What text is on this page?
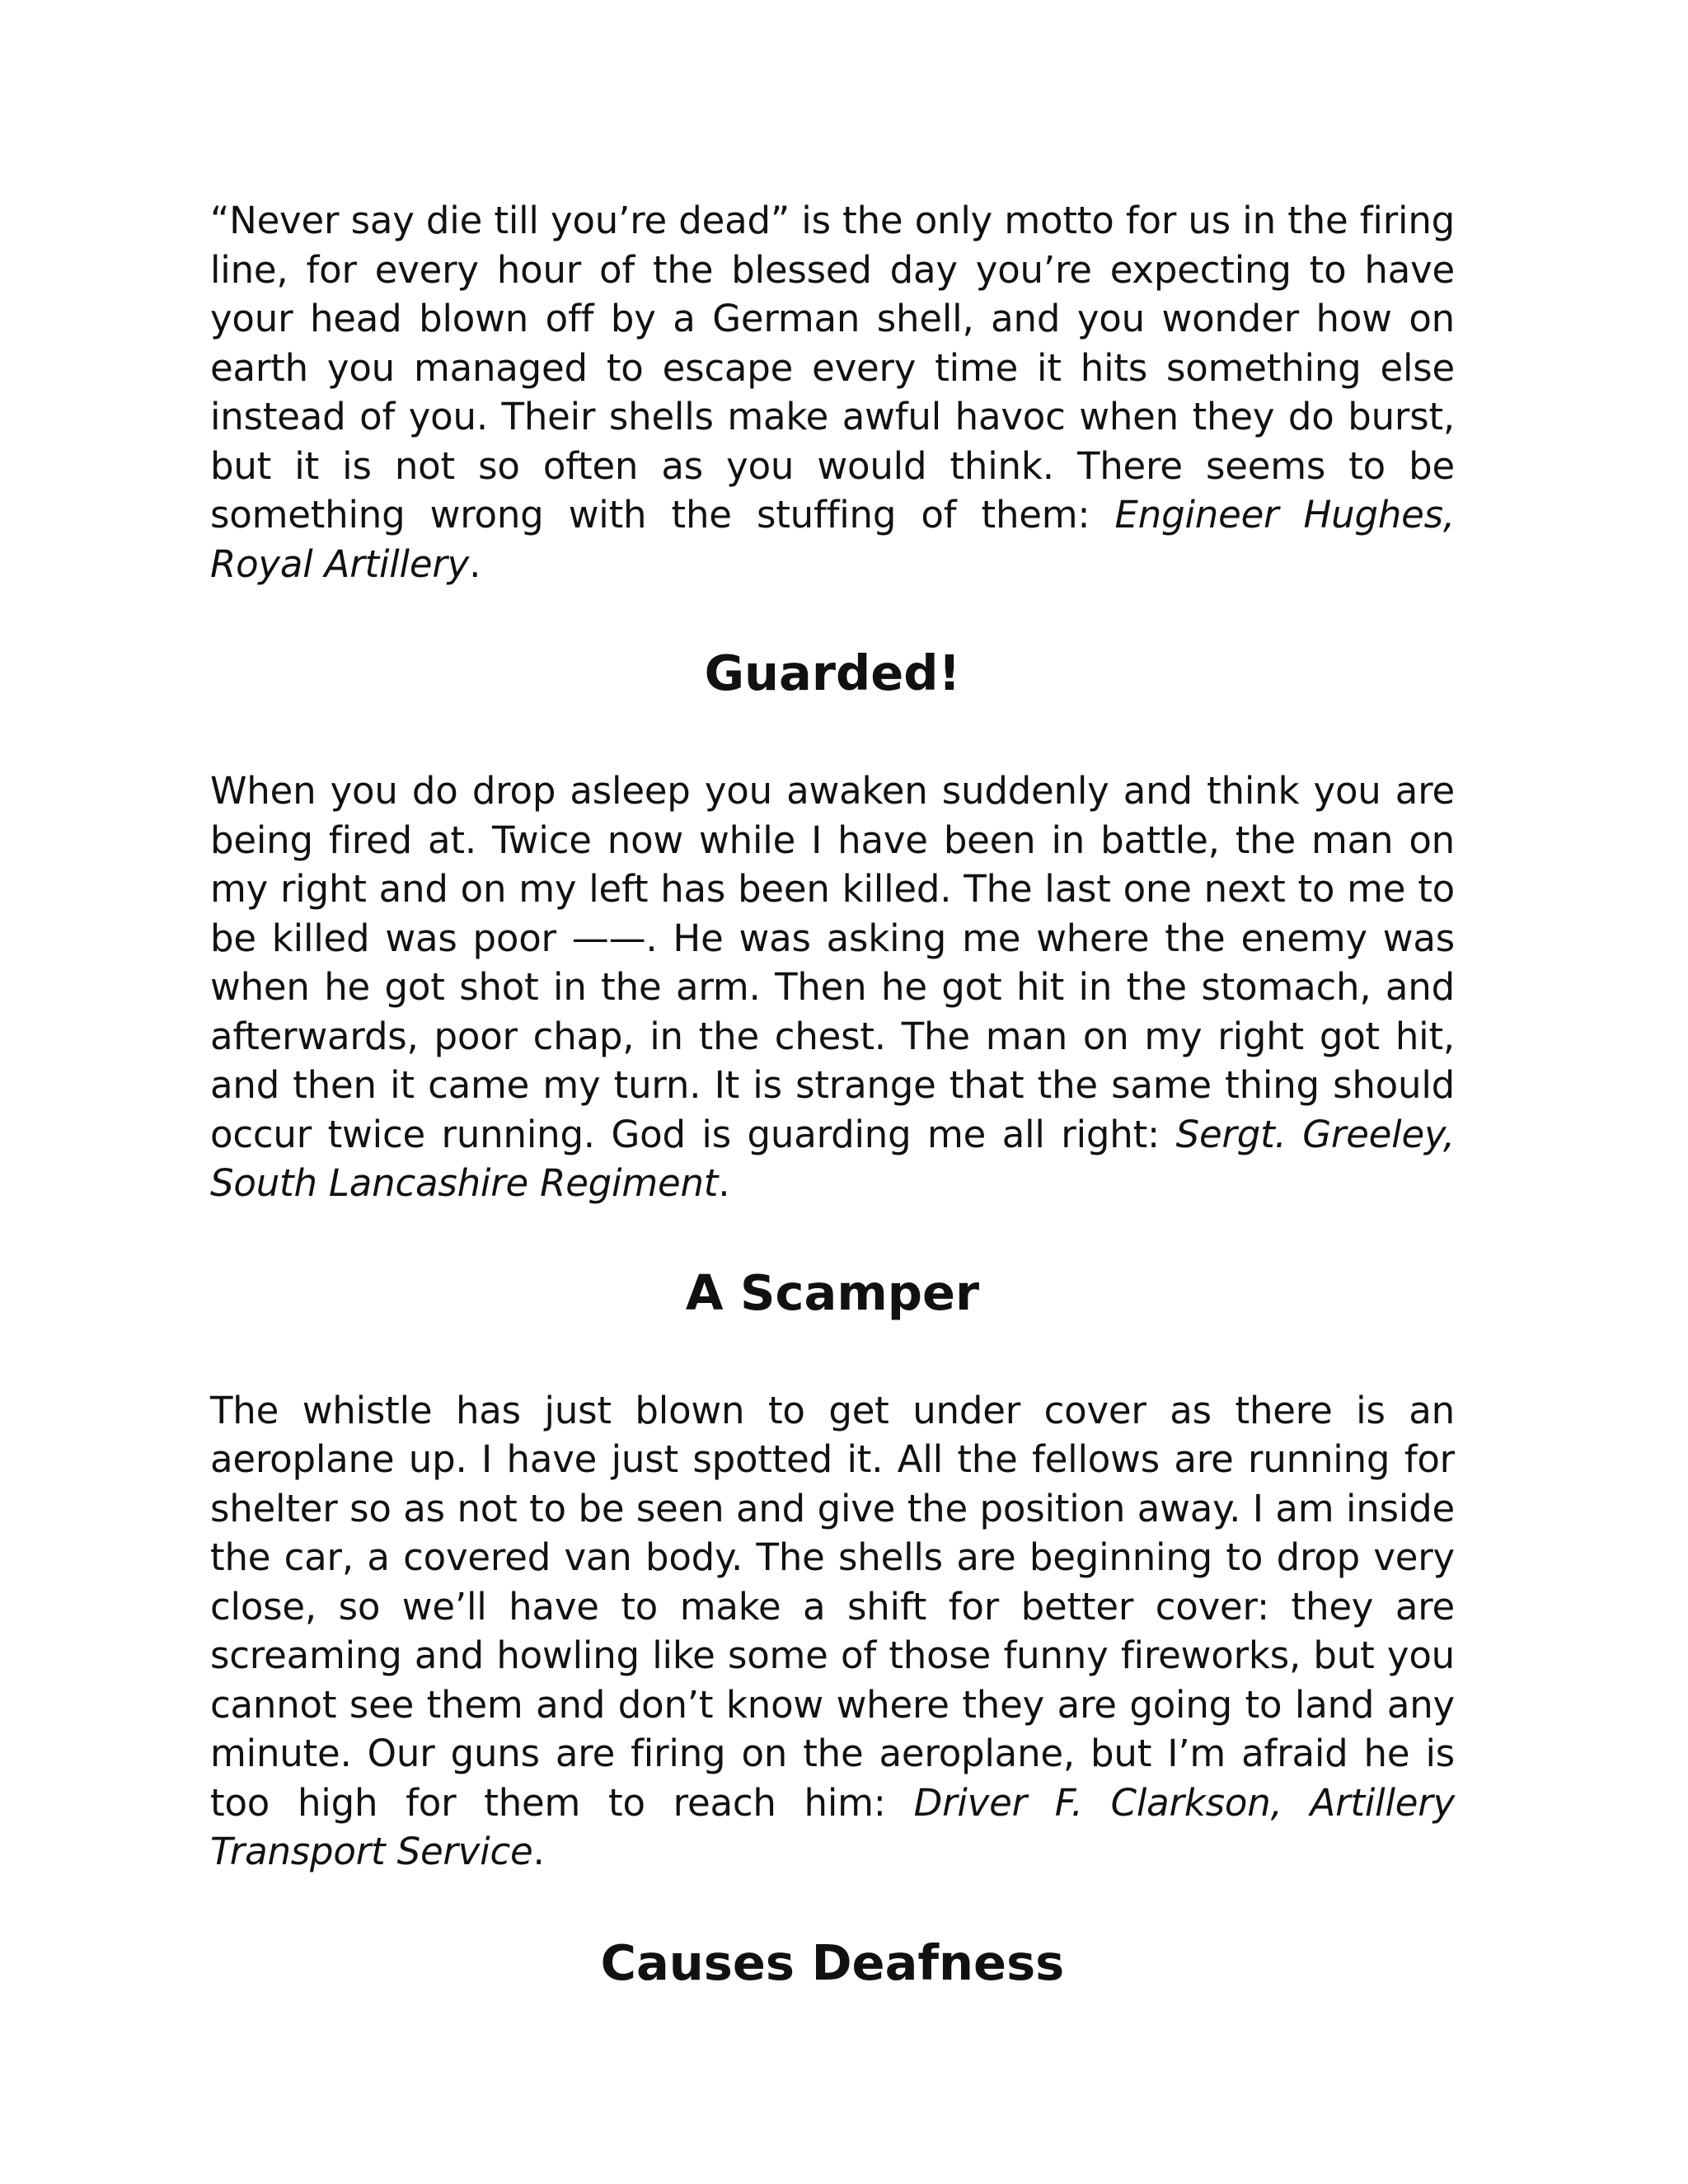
“Never say die till you’re dead” is the only motto for us in the firing line, for every hour of the blessed day you’re expecting to have your head blown off by a German shell, and you wonder how on earth you managed to escape every time it hits something else instead of you. Their shells make awful havoc when they do burst, but it is not so often as you would think. There seems to be something wrong with the stuffing of them: Engineer Hughes, Royal Artillery.

Guarded!

When you do drop asleep you awaken suddenly and think you are being fired at. Twice now while I have been in battle, the man on my right and on my left has been killed. The last one next to me to be killed was poor ——. He was asking me where the enemy was when he got shot in the arm. Then he got hit in the stomach, and afterwards, poor chap, in the chest. The man on my right got hit, and then it came my turn. It is strange that the same thing should occur twice running. God is guarding me all right: Sergt. Greeley, South Lancashire Regiment.

A Scamper

The whistle has just blown to get under cover as there is an aeroplane up. I have just spotted it. All the fellows are running for shelter so as not to be seen and give the position away. I am inside the car, a covered van body. The shells are beginning to drop very close, so we’ll have to make a shift for better cover: they are screaming and howling like some of those funny fireworks, but you cannot see them and don’t know where they are going to land any minute. Our guns are firing on the aeroplane, but I’m afraid he is too high for them to reach him: Driver F. Clarkson, Artillery Transport Service.

Causes Deafness
